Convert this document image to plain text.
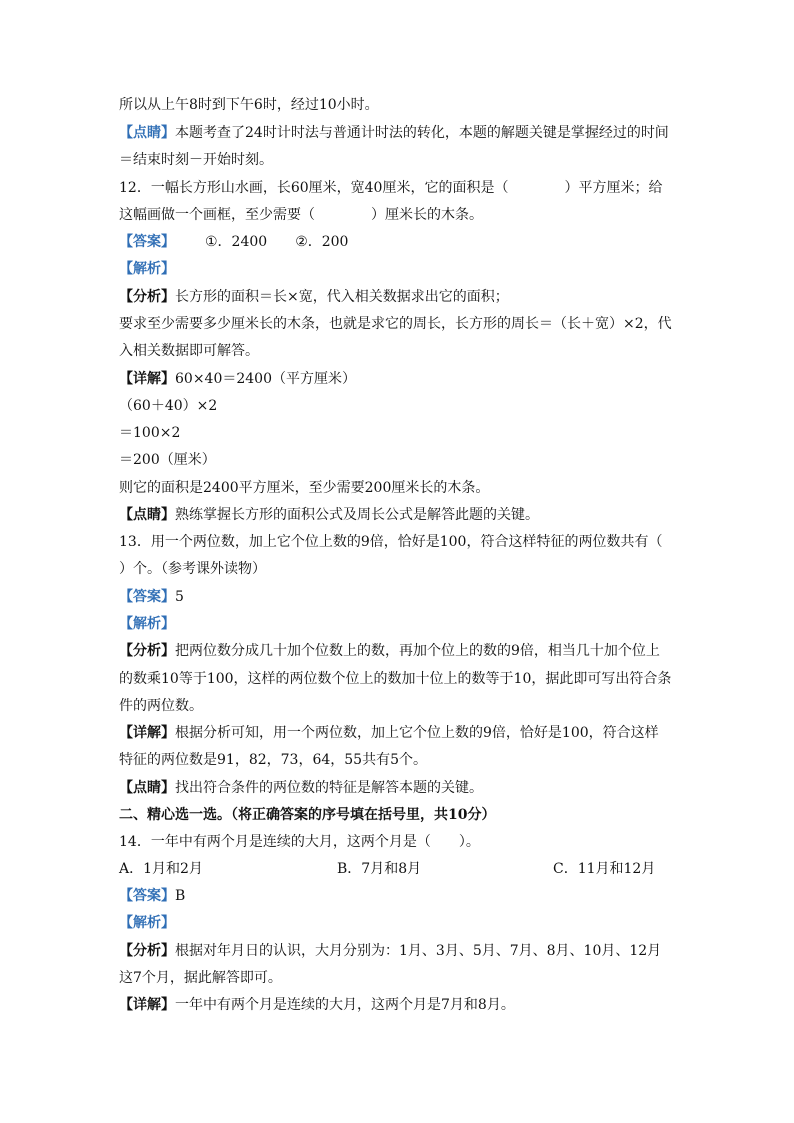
所以从上午8时到下午6时，经过10小时。
【点睛】本题考查了24时计时法与普通计时法的转化，本题的解题关键是掌握经过的时间
＝结束时刻－开始时刻。
12．一幅长方形山水画，长60厘米，宽40厘米，它的面积是（	）平方厘米；给
这幅画做一个画框，至少需要（	）厘米长的木条。
【答案】 ①．2400 ②．200
【解析】
【分析】长方形的面积＝长×宽，代入相关数据求出它的面积；
要求至少需要多少厘米长的木条，也就是求它的周长，长方形的周长＝（长＋宽）×2，代
入相关数据即可解答。
【详解】60×40＝2400（平方厘米）
（60＋40）×2
＝100×2
＝200（厘米）
则它的面积是2400平方厘米，至少需要200厘米长的木条。
【点睛】熟练掌握长方形的面积公式及周长公式是解答此题的关键。
13．用一个两位数，加上它个位上数的9倍，恰好是100，符合这样特征的两位数共有（
）个。（参考课外读物）
【答案】5
【解析】
【分析】把两位数分成几十加个位数上的数，再加个位上的数的9倍，相当几十加个位上
的数乘10等于100，这样的两位数个位上的数加十位上的数等于10，据此即可写出符合条
件的两位数。
【详解】根据分析可知，用一个两位数，加上它个位上数的9倍，恰好是100，符合这样
特征的两位数是91，82，73，64，55共有5个。
【点睛】找出符合条件的两位数的特征是解答本题的关键。
二、精心选一选。（将正确答案的序号填在括号里，共10分）
14．一年中有两个月是连续的大月，这两个月是（　　）。
A．1月和2月	B．7月和8月	C．11月和12月
【答案】B
【解析】
【分析】根据对年月日的认识，大月分别为：1月、3月、5月、7月、8月、10月、12月
这7个月，据此解答即可。
【详解】一年中有两个月是连续的大月，这两个月是7月和8月。
